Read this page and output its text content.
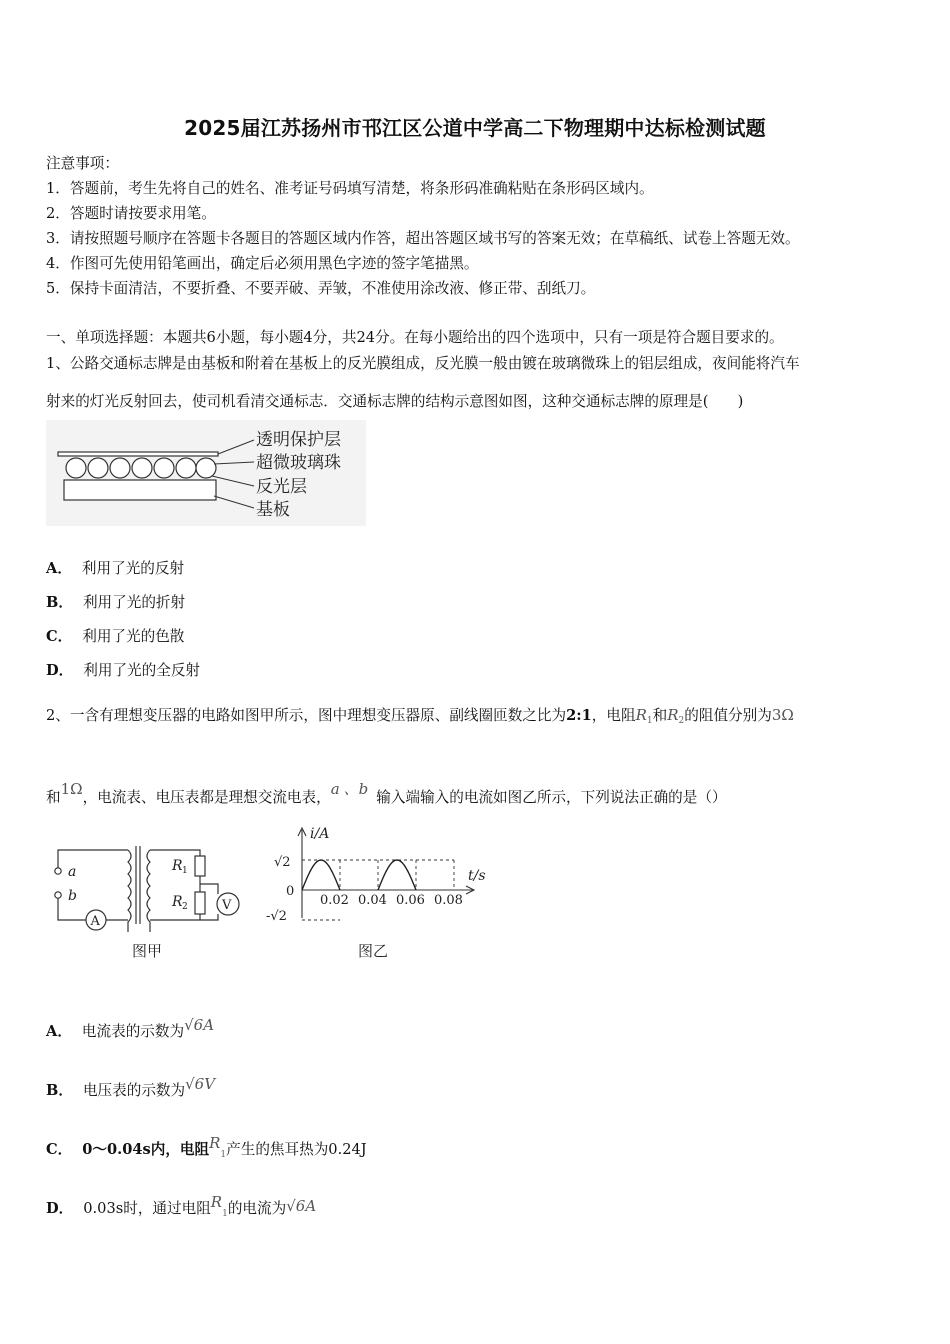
2025届江苏扬州市邗江区公道中学高二下物理期中达标检测试题
注意事项：
1．答题前，考生先将自己的姓名、准考证号码填写清楚，将条形码准确粘贴在条形码区域内。
2．答题时请按要求用笔。
3．请按照题号顺序在答题卡各题目的答题区域内作答，超出答题区域书写的答案无效；在草稿纸、试卷上答题无效。
4．作图可先使用铅笔画出，确定后必须用黑色字迹的签字笔描黑。
5．保持卡面清洁，不要折叠、不要弄破、弄皱，不准使用涂改液、修正带、刮纸刀。
一、单项选择题：本题共6小题，每小题4分，共24分。在每小题给出的四个选项中，只有一项是符合题目要求的。
1、公路交通标志牌是由基板和附着在基板上的反光膜组成，反光膜一般由镀在玻璃微珠上的铝层组成，夜间能将汽车
射来的灯光反射回去，使司机看清交通标志．交通标志牌的结构示意图如图，这种交通标志牌的原理是(　　)
透明保护层
超微玻璃珠
反光层
基板
A． 利用了光的反射
B． 利用了光的折射
C． 利用了光的色散
D． 利用了光的全反射
2、一含有理想变压器的电路如图甲所示，图中理想变压器原、副线圈匝数之比为2:1，电阻$R_1$和$R_2$的阻值分别为3Ω
和1Ω，电流表、电压表都是理想交流电表，a 、b 输入端输入的电流如图乙所示，下列说法正确的是（）
a
b
A
R 1
R 2	V
图甲
i/A
t/s
0
√2
-√2
0.02 0.04 0.06 0.08
图乙
A． 电流表的示数为√6A
B． 电压表的示数为√6V
C． 0～0.04s内，电阻$R_1$产生的焦耳热为0.24J
D． 0.03s时，通过电阻$R_1$的电流为√6A
